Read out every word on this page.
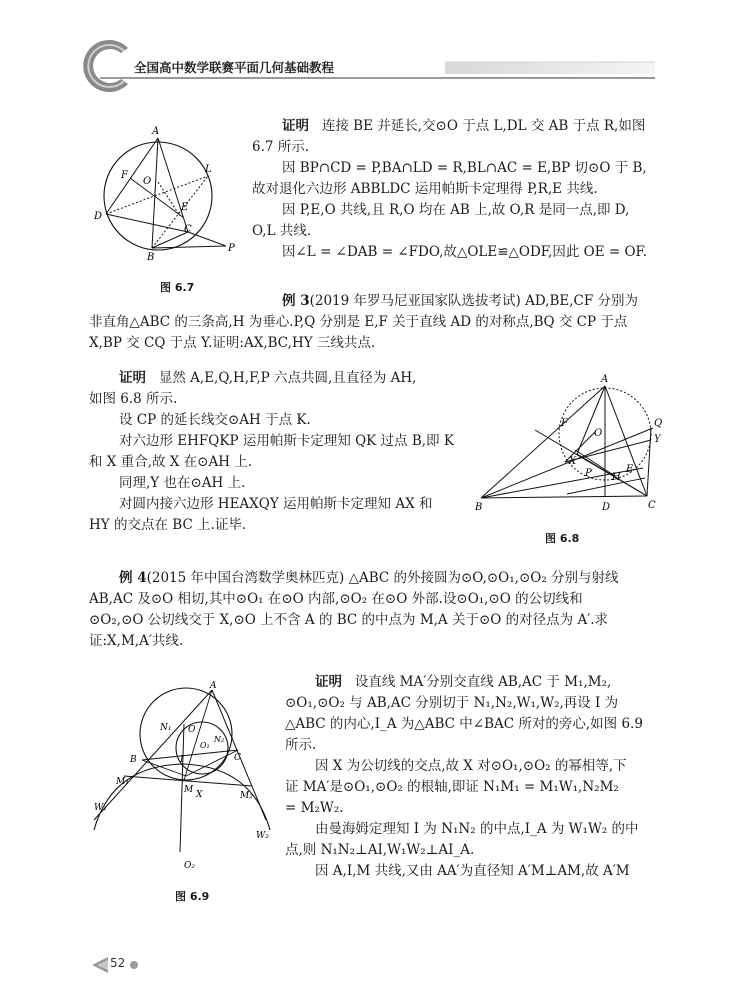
全国高中数学联赛平面几何基础教程
A
F
O
L
E
D
C
B
P
图 6.7
证明 连接 BE 并延长,交⊙O 于点 L,DL 交 AB 于点 R,如图
6.7 所示.
因 BP∩CD = P,BA∩LD = R,BL∩AC = E,BP 切⊙O 于 B,
故对退化六边形 ABBLDC 运用帕斯卡定理得 P,R,E 共线.
因 P,E,O 共线,且 R,O 均在 AB 上,故 O,R 是同一点,即 D,
O,L 共线.
因∠L = ∠DAB = ∠FDO,故△OLE≌△ODF,因此 OE = OF.
例 3(2019 年罗马尼亚国家队选拔考试) AD,BE,CF 分别为
非直角△ABC 的三条高,H 为垂心.P,Q 分别是 E,F 关于直线 AD 的对称点,BQ 交 CP 于点
X,BP 交 CQ 于点 Y.证明:AX,BC,HY 三线共点.
证明 显然 A,E,Q,H,F,P 六点共圆,且直径为 AH,
如图 6.8 所示.
设 CP 的延长线交⊙AH 于点 K.
对六边形 EHFQKP 运用帕斯卡定理知 QK 过点 B,即 K
和 X 重合,故 X 在⊙AH 上.
同理,Y 也在⊙AH 上.
对圆内接六边形 HEAXQY 运用帕斯卡定理知 AX 和
HY 的交点在 BC 上.证毕.
A
F
O
Q
Y
X
P H
E
B	D	C
图 6.8
例 4(2015 年中国台湾数学奥林匹克) △ABC 的外接圆为⊙O,⊙O₁,⊙O₂ 分别与射线
AB,AC 及⊙O 相切,其中⊙O₁ 在⊙O 内部,⊙O₂ 在⊙O 外部.设⊙O₁,⊙O 的公切线和
⊙O₂,⊙O 公切线交于 X,⊙O 上不含 A 的 BC 的中点为 M,A 关于⊙O 的对径点为 A′.求
证:X,M,A′共线.
A
N₁ O
O₁
N₂
B	I	C
M₁
M X	M₂
W₁
W₂
O₂
图 6.9
证明 设直线 MA′分别交直线 AB,AC 于 M₁,M₂,
⊙O₁,⊙O₂ 与 AB,AC 分别切于 N₁,N₂,W₁,W₂,再设 I 为
△ABC 的内心,I_A 为△ABC 中∠BAC 所对的旁心,如图 6.9
所示.
因 X 为公切线的交点,故 X 对⊙O₁,⊙O₂ 的幂相等,下
证 MA′是⊙O₁,⊙O₂ 的根轴,即证 N₁M₁ = M₁W₁,N₂M₂
= M₂W₂.
由曼海姆定理知 I 为 N₁N₂ 的中点,I_A 为 W₁W₂ 的中
点,则 N₁N₂⊥AI,W₁W₂⊥AI_A.
因 A,I,M 共线,又由 AA′为直径知 A′M⊥AM,故 A′M
52
